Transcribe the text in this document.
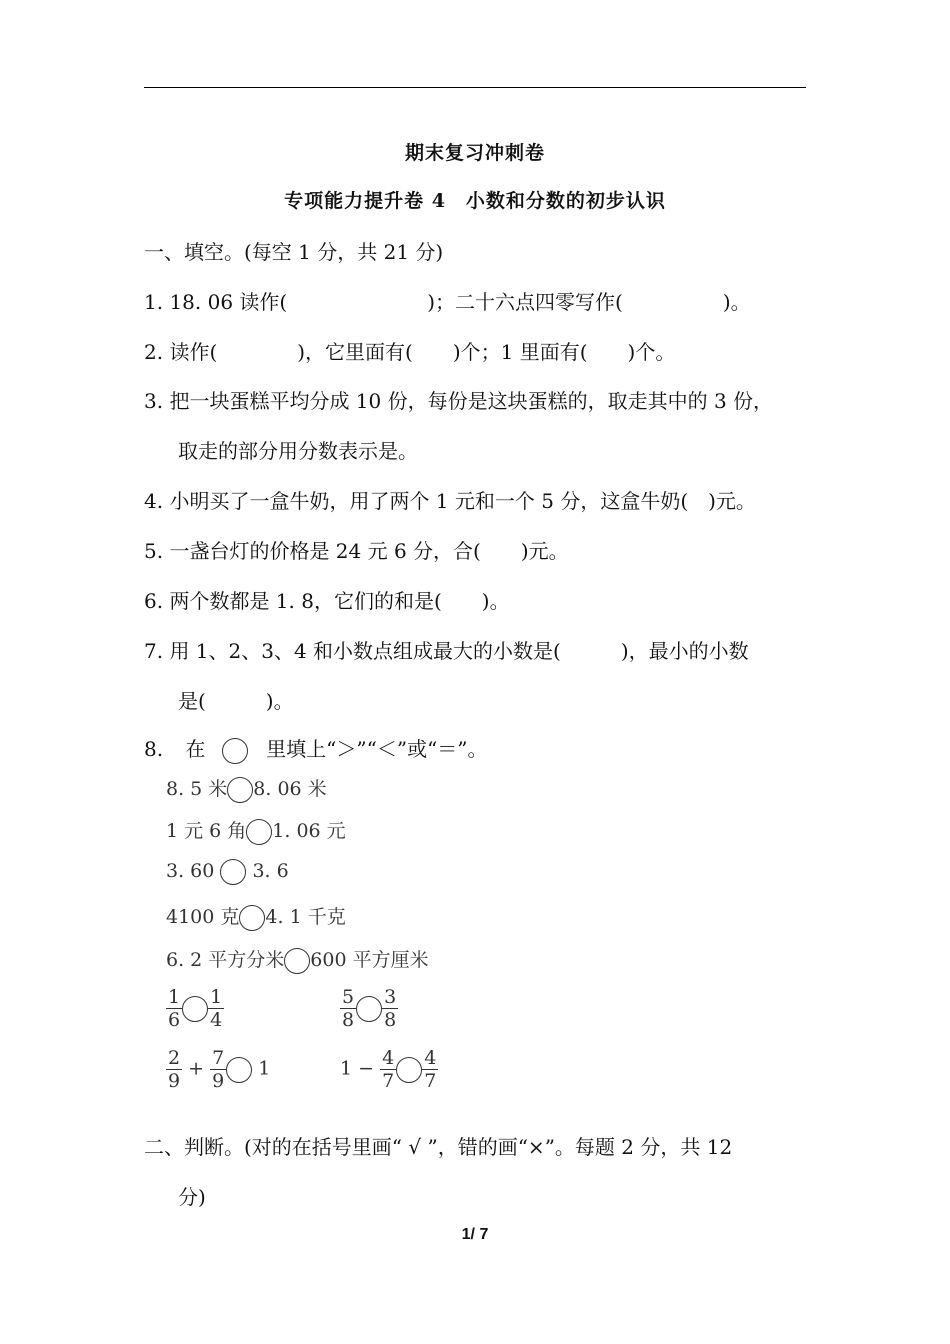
期末复习冲刺卷
专项能力提升卷 4　小数和分数的初步认识
一、填空。(每空 1 分，共 21 分)
1. 18. 06 读作(　　　　　　　)；二十六点四零写作(　　　　　)。
2. 读作(　　　　)，它里面有(　　)个；1 里面有(　　)个。
3. 把一块蛋糕平均分成 10 份，每份是这块蛋糕的，取走其中的 3 份，
取走的部分用分数表示是。
4. 小明买了一盒牛奶，用了两个 1 元和一个 5 分，这盒牛奶(　)元。
5. 一盏台灯的价格是 24 元 6 分，合(　　)元。
6. 两个数都是 1. 8，它们的和是(　　)。
7. 用 1、2、3、4 和小数点组成最大的小数是(　　　)，最小的小数
是(　　　)。
8. 在	里填上“＞”“＜”或“＝”。
8. 5 米 8. 06 米
1 元 6 角 1. 06 元
3. 60 3. 6
4100 克 4. 1 千克
6. 2 平方分米 600 平方厘米
$\frac{1}{6} \frac{1}{4}$	$\frac{5}{8} \frac{3}{8}$
$\frac{2}{9} + \frac{7}{9} 1$	$1 - \frac{4}{7} \frac{4}{7}$
二、判断。(对的在括号里画“ √ ”，错的画“×”。每题 2 分，共 12
分)
1/ 7
